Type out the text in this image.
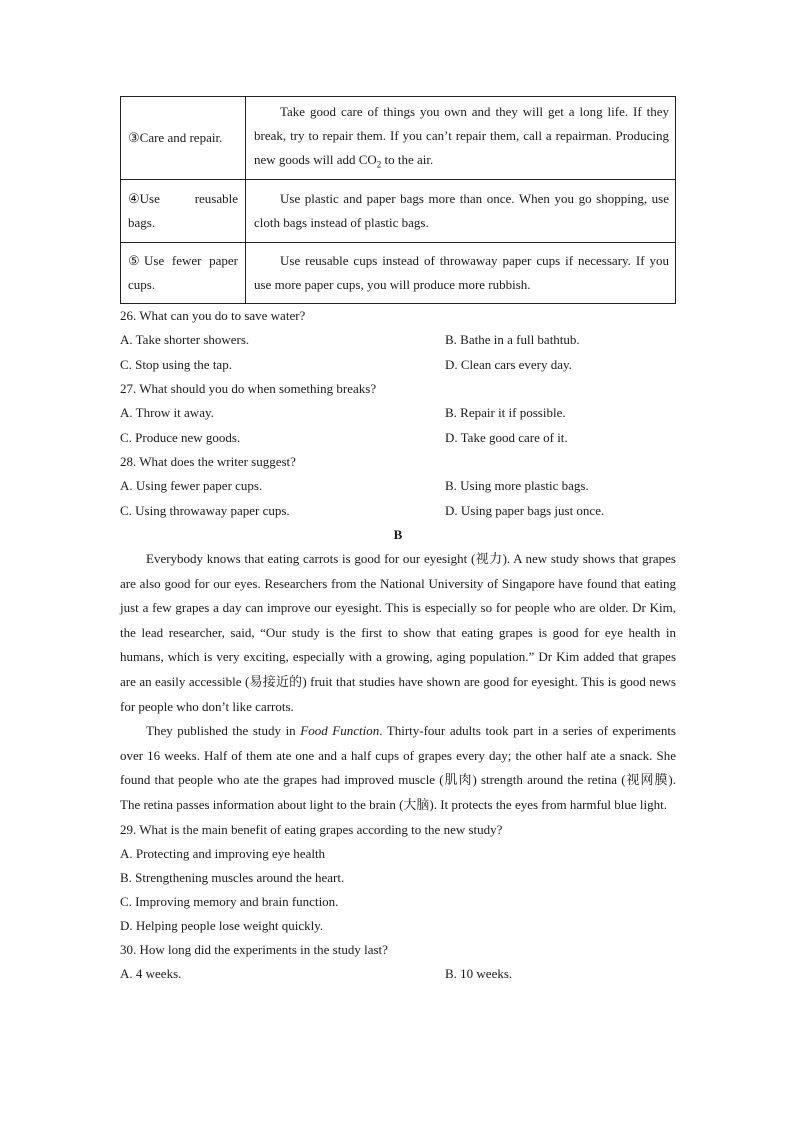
③Care and repair.	Take good care of things you own and they will get a long life. If they break, try to repair them. If you can’t repair them, call a repairman. Producing new goods will add $CO_2$ to the air.

④Use reusable
bags.	Use plastic and paper bags more than once. When you go shopping, use cloth bags instead of plastic bags.
⑤Use fewer paper cups.	Use reusable cups instead of throwaway paper cups if necessary. If you use more paper cups, you will produce more rubbish.

26. What can you do to save water?

A. Take shorter showers.	B. Bathe in a full bathtub.
C. Stop using the tap.	D. Clean cars every day.

27. What should you do when something breaks?

A. Throw it away.	B. Repair it if possible.
C. Produce new goods.	D. Take good care of it.

28. What does the writer suggest?

A. Using fewer paper cups.	B. Using more plastic bags.
C. Using throwaway paper cups.	D. Using paper bags just once.

B

Everybody knows that eating carrots is good for our eyesight (视力). A new study shows that grapes are also good for our eyes. Researchers from the National University of Singapore have found that eating just a few grapes a day can improve our eyesight. This is especially so for people who are older. Dr Kim, the lead researcher, said, “Our study is the first to show that eating grapes is good for eye health in humans, which is very exciting, especially with a growing, aging population.” Dr Kim added that grapes are an easily accessible (易接近的) fruit that studies have shown are good for eyesight. This is good news for people who don’t like carrots.

They published the study in Food Function. Thirty-four adults took part in a series of experiments over 16 weeks. Half of them ate one and a half cups of grapes every day; the other half ate a snack. She found that people who ate the grapes had improved muscle (肌肉) strength around the retina (视网膜). The retina passes information about light to the brain (大脑). It protects the eyes from harmful blue light.

29. What is the main benefit of eating grapes according to the new study?

A. Protecting and improving eye health

B. Strengthening muscles around the heart.

C. Improving memory and brain function.

D. Helping people lose weight quickly.

30. How long did the experiments in the study last?

A. 4 weeks.	B. 10 weeks.
